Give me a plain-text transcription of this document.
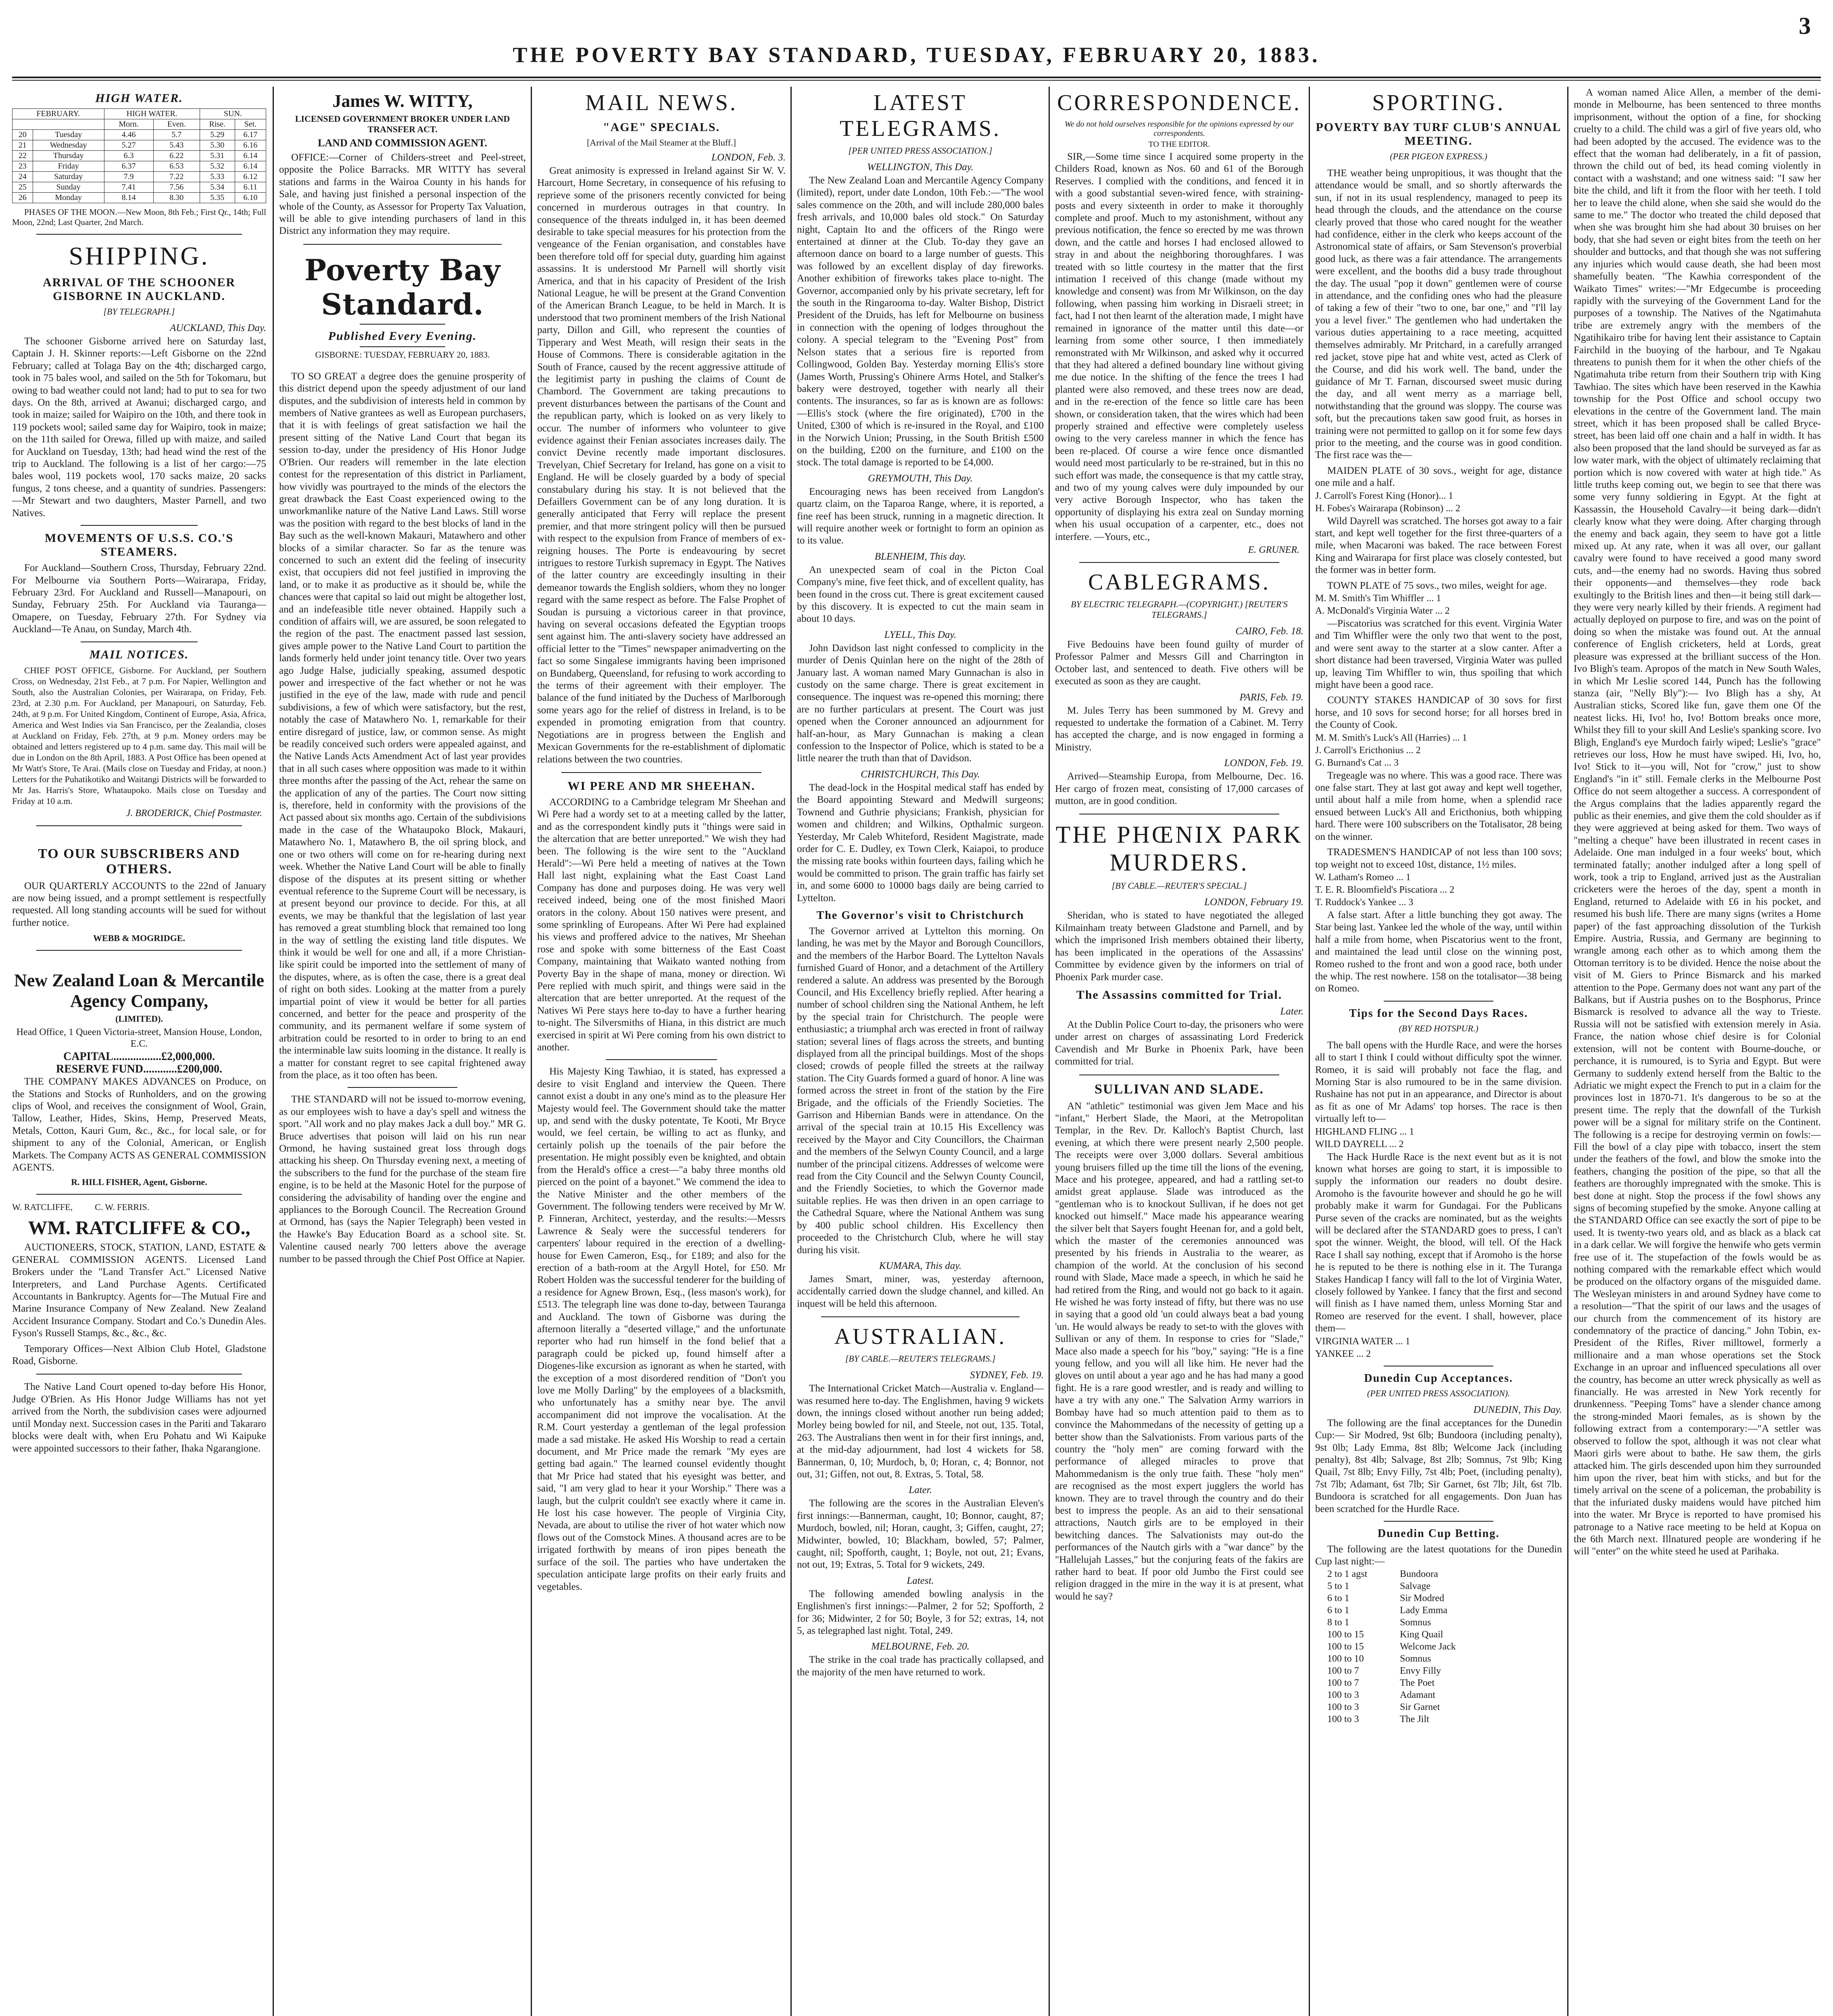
3
THE POVERTY BAY STANDARD, TUESDAY, FEBRUARY 20, 1883.
HIGH WATER.
FEBRUARY.		HIGH WATER.		SUN.	
		Morn.	Even.	Rise.	Set.
20	Tuesday	4.46	5.7	5.29	6.17
21	Wednesday	5.27	5.43	5.30	6.16
22	Thursday	6.3	6.22	5.31	6.14
23	Friday	6.37	6.53	5.32	6.14
24	Saturday	7.9	7.22	5.33	6.12
25	Sunday	7.41	7.56	5.34	6.11
26	Monday	8.14	8.30	5.35	6.10

PHASES OF THE MOON.—New Moon, 8th Feb.; First Qr., 14th; Full Moon, 22nd; Last Quarter, 2nd March.

SHIPPING.
ARRIVAL OF THE SCHOONER GISBORNE IN AUCKLAND.
[BY TELEGRAPH.]
AUCKLAND, This Day.

The schooner Gisborne arrived here on Saturday last, Captain J. H. Skinner reports:—Left Gisborne on the 22nd February; called at Tolaga Bay on the 4th; discharged cargo, took in 75 bales wool, and sailed on the 5th for Tokomaru, but owing to bad weather could not land; had to put to sea for two days. On the 8th, arrived at Awanui; discharged cargo, and took in maize; sailed for Waipiro on the 10th, and there took in 119 pockets wool; sailed same day for Waipiro, took in maize; on the 11th sailed for Orewa, filled up with maize, and sailed for Auckland on Tuesday, 13th; had head wind the rest of the trip to Auckland. The following is a list of her cargo:—75 bales wool, 119 pockets wool, 170 sacks maize, 20 sacks fungus, 2 tons cheese, and a quantity of sundries. Passengers:—Mr Stewart and two daughters, Master Parnell, and two Natives.

MOVEMENTS OF U.S.S. CO.'S STEAMERS.

For Auckland—Southern Cross, Thursday, February 22nd. For Melbourne via Southern Ports—Wairarapa, Friday, February 23rd. For Auckland and Russell—Manapouri, on Sunday, February 25th. For Auckland via Tauranga—Omapere, on Tuesday, February 27th. For Sydney via Auckland—Te Anau, on Sunday, March 4th.

MAIL NOTICES.

CHIEF POST OFFICE, Gisborne. For Auckland, per Southern Cross, on Wednesday, 21st Feb., at 7 p.m. For Napier, Wellington and South, also the Australian Colonies, per Wairarapa, on Friday, Feb. 23rd, at 2.30 p.m. For Auckland, per Manapouri, on Saturday, Feb. 24th, at 9 p.m. For United Kingdom, Continent of Europe, Asia, Africa, America and West Indies via San Francisco, per the Zealandia, closes at Auckland on Friday, Feb. 27th, at 9 p.m. Money orders may be obtained and letters registered up to 4 p.m. same day. This mail will be due in London on the 8th April, 1883. A Post Office has been opened at Mr Watt's Store, Te Arai. (Mails close on Tuesday and Friday, at noon.) Letters for the Puhatikotiko and Waitangi Districts will be forwarded to Mr Jas. Harris's Store, Whataupoko. Mails close on Tuesday and Friday at 10 a.m.

J. BRODERICK, Chief Postmaster.
TO OUR SUBSCRIBERS AND OTHERS.

OUR QUARTERLY ACCOUNTS to the 22nd of January are now being issued, and a prompt settlement is respectfully requested. All long standing accounts will be sued for without further notice.

WEBB & MOGRIDGE.
New Zealand Loan & Mercantile Agency Company,
(LIMITED).
Head Office, 1 Queen Victoria-street, Mansion House, London, E.C.
CAPITAL.................£2,000,000.
RESERVE FUND............£200,000.

THE COMPANY MAKES ADVANCES on Produce, on the Stations and Stocks of Runholders, and on the growing clips of Wool, and receives the consignment of Wool, Grain, Tallow, Leather, Hides, Skins, Hemp, Preserved Meats, Metals, Cotton, Kauri Gum, &c., &c., for local sale, or for shipment to any of the Colonial, American, or English Markets. The Company ACTS AS GENERAL COMMISSION AGENTS.

R. HILL FISHER, Agent, Gisborne.
W. RATCLIFFE,          C. W. FERRIS.
WM. RATCLIFFE & CO.,

AUCTIONEERS, STOCK, STATION, LAND, ESTATE & GENERAL COMMISSION AGENTS. Licensed Land Brokers under the "Land Transfer Act." Licensed Native Interpreters, and Land Purchase Agents. Certificated Accountants in Bankruptcy. Agents for—The Mutual Fire and Marine Insurance Company of New Zealand. New Zealand Accident Insurance Company. Stodart and Co.'s Dunedin Ales. Fyson's Russell Stamps, &c., &c., &c.

Temporary Offices—Next Albion Club Hotel, Gladstone Road, Gisborne.

The Native Land Court opened to-day before His Honor, Judge O'Brien. As His Honor Judge Williams has not yet arrived from the North, the subdivision cases were adjourned until Monday next. Succession cases in the Pariti and Takararo blocks were dealt with, when Eru Pohatu and Wi Kaipuke were appointed successors to their father, Ihaka Ngarangione.

James W. WITTY,
LICENSED GOVERNMENT BROKER UNDER LAND TRANSFER ACT.
LAND AND COMMISSION AGENT.

OFFICE:—Corner of Childers-street and Peel-street, opposite the Police Barracks. MR WITTY has several stations and farms in the Wairoa County in his hands for Sale, and having just finished a personal inspection of the whole of the County, as Assessor for Property Tax Valuation, will be able to give intending purchasers of land in this District any information they may require.

Poverty Bay Standard.
Published Every Evening.
GISBORNE: TUESDAY, FEBRUARY 20, 1883.

TO SO GREAT a degree does the genuine prosperity of this district depend upon the speedy adjustment of our land disputes, and the subdivision of interests held in common by members of Native grantees as well as European purchasers, that it is with feelings of great satisfaction we hail the present sitting of the Native Land Court that began its session to-day, under the presidency of His Honor Judge O'Brien. Our readers will remember in the late election contest for the representation of this district in Parliament, how vividly was pourtrayed to the minds of the electors the great drawback the East Coast experienced owing to the unworkmanlike nature of the Native Land Laws. Still worse was the position with regard to the best blocks of land in the Bay such as the well-known Makauri, Matawhero and other blocks of a similar character. So far as the tenure was concerned to such an extent did the feeling of insecurity exist, that occupiers did not feel justified in improving the land, or to make it as productive as it should be, while the chances were that capital so laid out might be altogether lost, and an indefeasible title never obtained. Happily such a condition of affairs will, we are assured, be soon relegated to the region of the past. The enactment passed last session, gives ample power to the Native Land Court to partition the lands formerly held under joint tenancy title. Over two years ago Judge Halse, judicially speaking, assumed despotic power and irrespective of the fact whether or not he was justified in the eye of the law, made with rude and pencil subdivisions, a few of which were satisfactory, but the rest, notably the case of Matawhero No. 1, remarkable for their entire disregard of justice, law, or common sense. As might be readily conceived such orders were appealed against, and the Native Lands Acts Amendment Act of last year provides that in all such cases where opposition was made to it within three months after the passing of the Act, rehear the same on the application of any of the parties. The Court now sitting is, therefore, held in conformity with the provisions of the Act passed about six months ago. Certain of the subdivisions made in the case of the Whataupoko Block, Makauri, Matawhero No. 1, Matawhero B, the oil spring block, and one or two others will come on for re-hearing during next week. Whether the Native Land Court will be able to finally dispose of the disputes at its present sitting or whether eventual reference to the Supreme Court will be necessary, is at present beyond our province to decide. For this, at all events, we may be thankful that the legislation of last year has removed a great stumbling block that remained too long in the way of settling the existing land title disputes. We think it would be well for one and all, if a more Christian-like spirit could be imported into the settlement of many of the disputes, where, as is often the case, there is a great deal of right on both sides. Looking at the matter from a purely impartial point of view it would be better for all parties concerned, and better for the peace and prosperity of the community, and its permanent welfare if some system of arbitration could be resorted to in order to bring to an end the interminable law suits looming in the distance. It really is a matter for constant regret to see capital frightened away from the place, as it too often has been.

THE STANDARD will not be issued to-morrow evening, as our employees wish to have a day's spell and witness the sport. "All work and no play makes Jack a dull boy." MR G. Bruce advertises that poison will laid on his run near Ormond, he having sustained great loss through dogs attacking his sheep. On Thursday evening next, a meeting of the subscribers to the fund for the purchase of the steam fire engine, is to be held at the Masonic Hotel for the purpose of considering the advisability of handing over the engine and appliances to the Borough Council. The Recreation Ground at Ormond, has (says the Napier Telegraph) been vested in the Hawke's Bay Education Board as a school site. St. Valentine caused nearly 700 letters above the average number to be passed through the Chief Post Office at Napier.

MAIL NEWS.
"AGE" SPECIALS.
[Arrival of the Mail Steamer at the Bluff.]
LONDON, Feb. 3.

Great animosity is expressed in Ireland against Sir W. V. Harcourt, Home Secretary, in consequence of his refusing to reprieve some of the prisoners recently convicted for being concerned in murderous outrages in that country. In consequence of the threats indulged in, it has been deemed desirable to take special measures for his protection from the vengeance of the Fenian organisation, and constables have been therefore told off for special duty, guarding him against assassins. It is understood Mr Parnell will shortly visit America, and that in his capacity of President of the Irish National League, he will be present at the Grand Convention of the American Branch League, to be held in March. It is understood that two prominent members of the Irish National party, Dillon and Gill, who represent the counties of Tipperary and West Meath, will resign their seats in the House of Commons. There is considerable agitation in the South of France, caused by the recent aggressive attitude of the legitimist party in pushing the claims of Count de Chambord. The Government are taking precautions to prevent disturbances between the partisans of the Count and the republican party, which is looked on as very likely to occur. The number of informers who volunteer to give evidence against their Fenian associates increases daily. The convict Devine recently made important disclosures. Trevelyan, Chief Secretary for Ireland, has gone on a visit to England. He will be closely guarded by a body of special constabulary during his stay. It is not believed that the Defaillers Government can be of any long duration. It is generally anticipated that Ferry will replace the present premier, and that more stringent policy will then be pursued with respect to the expulsion from France of members of ex-reigning houses. The Porte is endeavouring by secret intrigues to restore Turkish supremacy in Egypt. The Natives of the latter country are exceedingly insulting in their demeanor towards the English soldiers, whom they no longer regard with the same respect as before. The False Prophet of Soudan is pursuing a victorious career in that province, having on several occasions defeated the Egyptian troops sent against him. The anti-slavery society have addressed an official letter to the "Times" newspaper animadverting on the fact so some Singalese immigrants having been imprisoned on Bundaberg, Queensland, for refusing to work according to the terms of their agreement with their employer. The balance of the fund initiated by the Duchess of Marlborough some years ago for the relief of distress in Ireland, is to be expended in promoting emigration from that country. Negotiations are in progress between the English and Mexican Governments for the re-establishment of diplomatic relations between the two countries.

WI PERE AND MR SHEEHAN.

ACCORDING to a Cambridge telegram Mr Sheehan and Wi Pere had a wordy set to at a meeting called by the latter, and as the correspondent kindly puts it "things were said in the altercation that are better unreported." We wish they had been. The following is the wire sent to the "Auckland Herald":—Wi Pere held a meeting of natives at the Town Hall last night, explaining what the East Coast Land Company has done and purposes doing. He was very well received indeed, being one of the most finished Maori orators in the colony. About 150 natives were present, and some sprinkling of Europeans. After Wi Pere had explained his views and proffered advice to the natives, Mr Sheehan rose and spoke with some bitterness of the East Coast Company, maintaining that Waikato wanted nothing from Poverty Bay in the shape of mana, money or direction. Wi Pere replied with much spirit, and things were said in the altercation that are better unreported. At the request of the Natives Wi Pere stays here to-day to have a further hearing to-night. The Silversmiths of Hiana, in this district are much exercised in spirit at Wi Pere coming from his own district to another.

His Majesty King Tawhiao, it is stated, has expressed a desire to visit England and interview the Queen. There cannot exist a doubt in any one's mind as to the pleasure Her Majesty would feel. The Government should take the matter up, and send with the dusky potentate, Te Kooti, Mr Bryce would, we feel certain, be willing to act as flunky, and certainly polish up the toenails of the pair before the presentation. He might possibly even be knighted, and obtain from the Herald's office a crest—"a baby three months old pierced on the point of a bayonet." We commend the idea to the Native Minister and the other members of the Government. The following tenders were received by Mr W. P. Finneran, Architect, yesterday, and the results:—Messrs Lawrence & Sealy were the successful tenderers for carpenters' labour required in the erection of a dwelling-house for Ewen Cameron, Esq., for £189; and also for the erection of a bath-room at the Argyll Hotel, for £50. Mr Robert Holden was the successful tenderer for the building of a residence for Agnew Brown, Esq., (less mason's work), for £513. The telegraph line was done to-day, between Tauranga and Auckland. The town of Gisborne was during the afternoon literally a "deserted village," and the unfortunate reporter who had run himself in the fond belief that a paragraph could be picked up, found himself after a Diogenes-like excursion as ignorant as when he started, with the exception of a most disordered rendition of "Don't you love me Molly Darling" by the employees of a blacksmith, who unfortunately has a smithy near bye. The anvil accompaniment did not improve the vocalisation. At the R.M. Court yesterday a gentleman of the legal profession made a sad mistake. He asked His Worship to read a certain document, and Mr Price made the remark "My eyes are getting bad again." The learned counsel evidently thought that Mr Price had stated that his eyesight was better, and said, "I am very glad to hear it your Worship." There was a laugh, but the culprit couldn't see exactly where it came in. He lost his case however. The people of Virginia City, Nevada, are about to utilise the river of hot water which now flows out of the Comstock Mines. A thousand acres are to be irrigated forthwith by means of iron pipes beneath the surface of the soil. The parties who have undertaken the speculation anticipate large profits on their early fruits and vegetables.

LATEST TELEGRAMS.
[PER UNITED PRESS ASSOCIATION.]
WELLINGTON, This Day.

The New Zealand Loan and Mercantile Agency Company (limited), report, under date London, 10th Feb.:—"The wool sales commence on the 20th, and will include 280,000 bales fresh arrivals, and 10,000 bales old stock." On Saturday night, Captain Ito and the officers of the Ringo were entertained at dinner at the Club. To-day they gave an afternoon dance on board to a large number of guests. This was followed by an excellent display of day fireworks. Another exhibition of fireworks takes place to-night. The Governor, accompanied only by his private secretary, left for the south in the Ringarooma to-day. Walter Bishop, District President of the Druids, has left for Melbourne on business in connection with the opening of lodges throughout the colony. A special telegram to the "Evening Post" from Nelson states that a serious fire is reported from Collingwood, Golden Bay. Yesterday morning Ellis's store (James Worth, Prussing's Ohinere Arms Hotel, and Stalker's bakery were destroyed, together with nearly all their contents. The insurances, so far as is known are as follows:—Ellis's stock (where the fire originated), £700 in the United, £300 of which is re-insured in the Royal, and £100 in the Norwich Union; Prussing, in the South British £500 on the building, £200 on the furniture, and £100 on the stock. The total damage is reported to be £4,000.

GREYMOUTH, This Day.

Encouraging news has been received from Langdon's quartz claim, on the Taparoa Range, where, it is reported, a fine reef has been struck, running in a magnetic direction. It will require another week or fortnight to form an opinion as to its value.

BLENHEIM, This day.

An unexpected seam of coal in the Picton Coal Company's mine, five feet thick, and of excellent quality, has been found in the cross cut. There is great excitement caused by this discovery. It is expected to cut the main seam in about 10 days.

LYELL, This Day.

John Davidson last night confessed to complicity in the murder of Denis Quinlan here on the night of the 28th of January last. A woman named Mary Gunnachan is also in custody on the same charge. There is great excitement in consequence. The inquest was re-opened this morning; there are no further particulars at present. The Court was just opened when the Coroner announced an adjournment for half-an-hour, as Mary Gunnachan is making a clean confession to the Inspector of Police, which is stated to be a little nearer the truth than that of Davidson.

CHRISTCHURCH, This Day.

The dead-lock in the Hospital medical staff has ended by the Board appointing Steward and Medwill surgeons; Townend and Guthrie physicians; Frankish, physician for women and children; and Wilkins, Opthalmic surgeon. Yesterday, Mr Caleb Whiteford, Resident Magistrate, made order for C. E. Dudley, ex Town Clerk, Kaiapoi, to produce the missing rate books within fourteen days, failing which he would be committed to prison. The grain traffic has fairly set in, and some 6000 to 10000 bags daily are being carried to Lyttelton.

The Governor's visit to Christchurch

The Governor arrived at Lyttelton this morning. On landing, he was met by the Mayor and Borough Councillors, and the members of the Harbor Board. The Lyttelton Navals furnished Guard of Honor, and a detachment of the Artillery rendered a salute. An address was presented by the Borough Council, and His Excellency briefly replied. After hearing a number of school children sing the National Anthem, he left by the special train for Christchurch. The people were enthusiastic; a triumphal arch was erected in front of railway station; several lines of flags across the streets, and bunting displayed from all the principal buildings. Most of the shops closed; crowds of people filled the streets at the railway station. The City Guards formed a guard of honor. A line was formed across the street in front of the station by the Fire Brigade, and the officials of the Friendly Societies. The Garrison and Hibernian Bands were in attendance. On the arrival of the special train at 10.15 His Excellency was received by the Mayor and City Councillors, the Chairman and the members of the Selwyn County Council, and a large number of the principal citizens. Addresses of welcome were read from the City Council and the Selwyn County Council, and the Friendly Societies, to which the Governor made suitable replies. He was then driven in an open carriage to the Cathedral Square, where the National Anthem was sung by 400 public school children. His Excellency then proceeded to the Christchurch Club, where he will stay during his visit.

KUMARA, This day.

James Smart, miner, was, yesterday afternoon, accidentally carried down the sludge channel, and killed. An inquest will be held this afternoon.

AUSTRALIAN.
[BY CABLE.—REUTER'S TELEGRAMS.]
SYDNEY, Feb. 19.

The International Cricket Match—Australia v. England—was resumed here to-day. The Englishmen, having 9 wickets down, the innings closed without another run being added; Morley being bowled for nil, and Steele, not out, 135. Total, 263. The Australians then went in for their first innings, and, at the mid-day adjournment, had lost 4 wickets for 58. Bannerman, 0, 10; Murdoch, b, 0; Horan, c, 4; Bonnor, not out, 31; Giffen, not out, 8. Extras, 5. Total, 58.

Later.

The following are the scores in the Australian Eleven's first innings:—Bannerman, caught, 10; Bonnor, caught, 87; Murdoch, bowled, nil; Horan, caught, 3; Giffen, caught, 27; Midwinter, bowled, 10; Blackham, bowled, 57; Palmer, caught, nil; Spofforth, caught, 1; Boyle, not out, 21; Evans, not out, 19; Extras, 5. Total for 9 wickets, 249.

Latest.

The following amended bowling analysis in the Englishmen's first innings:—Palmer, 2 for 52; Spofforth, 2 for 36; Midwinter, 2 for 50; Boyle, 3 for 52; extras, 14, not 5, as telegraphed last night. Total, 249.

MELBOURNE, Feb. 20.

The strike in the coal trade has practically collapsed, and the majority of the men have returned to work.

CORRESPONDENCE.
We do not hold ourselves responsible for the opinions expressed by our correspondents.
TO THE EDITOR.

SIR,—Some time since I acquired some property in the Childers Road, known as Nos. 60 and 61 of the Borough Reserves. I complied with the conditions, and fenced it in with a good substantial seven-wired fence, with straining-posts and every sixteenth in order to make it thoroughly complete and proof. Much to my astonishment, without any previous notification, the fence so erected by me was thrown down, and the cattle and horses I had enclosed allowed to stray in and about the neighboring thoroughfares. I was treated with so little courtesy in the matter that the first intimation I received of this change (made without my knowledge and consent) was from Mr Wilkinson, on the day following, when passing him working in Disraeli street; in fact, had I not then learnt of the alteration made, I might have remained in ignorance of the matter until this date—or learning from some other source, I then immediately remonstrated with Mr Wilkinson, and asked why it occurred that they had altered a defined boundary line without giving me due notice. In the shifting of the fence the trees I had planted were also removed, and these trees now are dead, and in the re-erection of the fence so little care has been shown, or consideration taken, that the wires which had been properly strained and effective were completely useless owing to the very careless manner in which the fence has been re-placed. Of course a wire fence once dismantled would need most particularly to be re-strained, but in this no such effort was made, the consequence is that my cattle stray, and two of my young calves were duly impounded by our very active Borough Inspector, who has taken the opportunity of displaying his extra zeal on Sunday morning when his usual occupation of a carpenter, etc., does not interfere. —Yours, etc.,

E. GRUNER.
CABLEGRAMS.
BY ELECTRIC TELEGRAPH.—(COPYRIGHT.) [REUTER'S TELEGRAMS.]
CAIRO, Feb. 18.

Five Bedouins have been found guilty of murder of Professor Palmer and Messrs Gill and Charrington in October last, and sentenced to death. Five others will be executed as soon as they are caught.

PARIS, Feb. 19.

M. Jules Terry has been summoned by M. Grevy and requested to undertake the formation of a Cabinet. M. Terry has accepted the charge, and is now engaged in forming a Ministry.

LONDON, Feb. 19.

Arrived—Steamship Europa, from Melbourne, Dec. 16. Her cargo of frozen meat, consisting of 17,000 carcases of mutton, are in good condition.

THE PHŒNIX PARK MURDERS.
[BY CABLE.—REUTER'S SPECIAL.]
LONDON, February 19.

Sheridan, who is stated to have negotiated the alleged Kilmainham treaty between Gladstone and Parnell, and by which the imprisoned Irish members obtained their liberty, has been implicated in the operations of the Assassins' Committee by evidence given by the informers on trial of Phoenix Park murder case.

The Assassins committed for Trial.
Later.

At the Dublin Police Court to-day, the prisoners who were under arrest on charges of assassinating Lord Frederick Cavendish and Mr Burke in Phoenix Park, have been committed for trial.

SULLIVAN AND SLADE.

AN "athletic" testimonial was given Jem Mace and his "infant," Herbert Slade, the Maori, at the Metropolitan Templar, in the Rev. Dr. Kalloch's Baptist Church, last evening, at which there were present nearly 2,500 people. The receipts were over 3,000 dollars. Several ambitious young bruisers filled up the time till the lions of the evening, Mace and his protegee, appeared, and had a rattling set-to amidst great applause. Slade was introduced as the "gentleman who is to knockout Sullivan, if he does not get knocked out himself." Mace made his appearance wearing the silver belt that Sayers fought Heenan for, and a gold belt, which the master of the ceremonies announced was presented by his friends in Australia to the wearer, as champion of the world. At the conclusion of his second round with Slade, Mace made a speech, in which he said he had retired from the Ring, and would not go back to it again. He wished he was forty instead of fifty, but there was no use in saying that a good old 'un could always beat a bad young 'un. He would always be ready to set-to with the gloves with Sullivan or any of them. In response to cries for "Slade," Mace also made a speech for his "boy," saying: "He is a fine young fellow, and you will all like him. He never had the gloves on until about a year ago and he has had many a good fight. He is a rare good wrestler, and is ready and willing to have a try with any one." The Salvation Army warriors in Bombay have had so much attention paid to them as to convince the Mahommedans of the necessity of getting up a better show than the Salvationists. From various parts of the country the "holy men" are coming forward with the performance of alleged miracles to prove that Mahommedanism is the only true faith. These "holy men" are recognised as the most expert jugglers the world has known. They are to travel through the country and do their best to impress the people. As an aid to their sensational attractions, Nautch girls are to be employed in their bewitching dances. The Salvationists may out-do the performances of the Nautch girls with a "war dance" by the "Hallelujah Lasses," but the conjuring feats of the fakirs are rather hard to beat. If poor old Jumbo the First could see religion dragged in the mire in the way it is at present, what would he say?

SPORTING.
POVERTY BAY TURF CLUB'S ANNUAL MEETING.
(PER PIGEON EXPRESS.)

THE weather being unpropitious, it was thought that the attendance would be small, and so shortly afterwards the sun, if not in its usual resplendency, managed to peep its head through the clouds, and the attendance on the course clearly proved that those who cared nought for the weather had confidence, either in the clerk who keeps account of the Astronomical state of affairs, or Sam Stevenson's proverbial good luck, as there was a fair attendance. The arrangements were excellent, and the booths did a busy trade throughout the day. The usual "pop it down" gentlemen were of course in attendance, and the confiding ones who had the pleasure of taking a few of their "two to one, bar one," and "I'll lay you a level fiver." The gentlemen who had undertaken the various duties appertaining to a race meeting, acquitted themselves admirably. Mr Pritchard, in a carefully arranged red jacket, stove pipe hat and white vest, acted as Clerk of the Course, and did his work well. The band, under the guidance of Mr T. Farnan, discoursed sweet music during the day, and all went merry as a marriage bell, notwithstanding that the ground was sloppy. The course was soft, but the precautions taken saw good fruit, as horses in training were not permitted to gallop on it for some few days prior to the meeting, and the course was in good condition. The first race was the—

MAIDEN PLATE of 30 sovs., weight for age, distance one mile and a half.

J. Carroll's Forest King (Honor)... 1
H. Fobes's Wairarapa (Robinson) ... 2

Wild Dayrell was scratched. The horses got away to a fair start, and kept well together for the first three-quarters of a mile, when Macaroni was baked. The race between Forest King and Wairarapa for first place was closely contested, but the former was in better form.

TOWN PLATE of 75 sovs., two miles, weight for age.

M. M. Smith's Tim Whiffler ... 1
A. McDonald's Virginia Water ... 2

—Piscatorius was scratched for this event. Virginia Water and Tim Whiffler were the only two that went to the post, and were sent away to the starter at a slow canter. After a short distance had been traversed, Virginia Water was pulled up, leaving Tim Whiffler to win, thus spoiling that which might have been a good race.

COUNTY STAKES HANDICAP of 30 sovs for first horse, and 10 sovs for second horse; for all horses bred in the County of Cook.

M. M. Smith's Luck's All (Harries) ... 1
J. Carroll's Ericthonius ... 2
G. Burnand's Cat ... 3

Tregeagle was no where. This was a good race. There was one false start. They at last got away and kept well together, until about half a mile from home, when a splendid race ensued between Luck's All and Ericthonius, both whipping hard. There were 100 subscribers on the Totalisator, 28 being on the winner.

TRADESMEN'S HANDICAP of not less than 100 sovs; top weight not to exceed 10st, distance, 1½ miles.

W. Latham's Romeo ... 1
T. E. R. Bloomfield's Piscatiora ... 2
T. Ruddock's Yankee ... 3

A false start. After a little bunching they got away. The Star being last. Yankee led the whole of the way, until within half a mile from home, when Piscatorius went to the front, and maintained the lead until close on the winning post, Romeo rushed to the front and won a good race, both under the whip. The rest nowhere. 158 on the totalisator—38 being on Romeo.

Tips for the Second Days Races.
(BY RED HOTSPUR.)

The ball opens with the Hurdle Race, and were the horses all to start I think I could without difficulty spot the winner. Romeo, it is said will probably not face the flag, and Morning Star is also rumoured to be in the same division. Rushaine has not put in an appearance, and Director is about as fit as one of Mr Adams' top horses. The race is then virtually left to—

HIGHLAND FLING ... 1
WILD DAYRELL ... 2

The Hack Hurdle Race is the next event but as it is not known what horses are going to start, it is impossible to supply the information our readers no doubt desire. Aromoho is the favourite however and should he go he will probably make it warm for Gundagai. For the Publicans Purse seven of the cracks are nominated, but as the weights will be declared after the STANDARD goes to press, I can't spot the winner. Weight, the blood, will tell. Of the Hack Race I shall say nothing, except that if Aromoho is the horse he is reputed to be there is nothing else in it. The Turanga Stakes Handicap I fancy will fall to the lot of Virginia Water, closely followed by Yankee. I fancy that the first and second will finish as I have named them, unless Morning Star and Romeo are reserved for the event. I shall, however, place them—

VIRGINIA WATER ... 1
YANKEE ... 2
Dunedin Cup Acceptances.
(PER UNITED PRESS ASSOCIATION).
DUNEDIN, This Day.

The following are the final acceptances for the Dunedin Cup:— Sir Modred, 9st 6lb; Bundoora (including penalty), 9st 0lb; Lady Emma, 8st 8lb; Welcome Jack (including penalty), 8st 4lb; Salvage, 8st 2lb; Somnus, 7st 9lb; King Quail, 7st 8lb; Envy Filly, 7st 4lb; Poet, (including penalty), 7st 7lb; Adamant, 6st 7lb; Sir Garnet, 6st 7lb; Jilt, 6st 7lb. Bundoora is scratched for all engagements. Don Juan has been scratched for the Hurdle Race.

Dunedin Cup Betting.

The following are the latest quotations for the Dunedin Cup last night:—

2 to 1 agst	Bundoora
5 to 1	Salvage
6 to 1	Sir Modred
6 to 1	Lady Emma
8 to 1	Somnus
100 to 15	King Quail
100 to 15	Welcome Jack
100 to 10	Somnus
100 to 7	Envy Filly
100 to 7	The Poet
100 to 3	Adamant
100 to 3	Sir Garnet
100 to 3	The Jilt

A woman named Alice Allen, a member of the demi-monde in Melbourne, has been sentenced to three months imprisonment, without the option of a fine, for shocking cruelty to a child. The child was a girl of five years old, who had been adopted by the accused. The evidence was to the effect that the woman had deliberately, in a fit of passion, thrown the child out of bed, its head coming violently in contact with a washstand; and one witness said: "I saw her bite the child, and lift it from the floor with her teeth. I told her to leave the child alone, when she said she would do the same to me." The doctor who treated the child deposed that when she was brought him she had about 30 bruises on her body, that she had seven or eight bites from the teeth on her shoulder and buttocks, and that though she was not suffering any injuries which would cause death, she had been most shamefully beaten. "The Kawhia correspondent of the Waikato Times" writes:—"Mr Edgecumbe is proceeding rapidly with the surveying of the Government Land for the purposes of a township. The Natives of the Ngatimahuta tribe are extremely angry with the members of the Ngatihikairo tribe for having lent their assistance to Captain Fairchild in the buoying of the harbour, and Te Ngakau threatens to punish them for it when the other chiefs of the Ngatimahuta tribe return from their Southern trip with King Tawhiao. The sites which have been reserved in the Kawhia township for the Post Office and school occupy two elevations in the centre of the Government land. The main street, which it has been proposed shall be called Bryce-street, has been laid off one chain and a half in width. It has also been proposed that the land should be surveyed as far as low water mark, with the object of ultimately reclaiming that portion which is now covered with water at high tide." As little truths keep coming out, we begin to see that there was some very funny soldiering in Egypt. At the fight at Kassassin, the Household Cavalry—it being dark—didn't clearly know what they were doing. After charging through the enemy and back again, they seem to have got a little mixed up. At any rate, when it was all over, our gallant cavalry were found to have received a good many sword cuts, and—the enemy had no swords. Having thus sobred their opponents—and themselves—they rode back exultingly to the British lines and then—it being still dark—they were very nearly killed by their friends. A regiment had actually deployed on purpose to fire, and was on the point of doing so when the mistake was found out. At the annual conference of English cricketers, held at Lords, great pleasure was expressed at the brilliant success of the Hon. Ivo Bligh's team. Apropos of the match in New South Wales, in which Mr Leslie scored 144, Punch has the following stanza (air, "Nelly Bly"):— Ivo Bligh has a shy, At Australian sticks, Scored like fun, gave them one Of the neatest licks. Hi, Ivo! ho, Ivo! Bottom breaks once more, Whilst they fill to your skill And Leslie's spanking score. Ivo Bligh, England's eye Murdoch fairly wiped; Leslie's "grace" retrieves our loss, How he must have swiped. Hi, Ivo, ho, Ivo! Stick to it—you will, Not for "crow," just to show England's "in it" still. Female clerks in the Melbourne Post Office do not seem altogether a success. A correspondent of the Argus complains that the ladies apparently regard the public as their enemies, and give them the cold shoulder as if they were aggrieved at being asked for them. Two ways of "melting a cheque" have been illustrated in recent cases in Adelaide. One man indulged in a four weeks' bout, which terminated fatally; another indulged after a long spell of work, took a trip to England, arrived just as the Australian cricketers were the heroes of the day, spent a month in England, returned to Adelaide with £6 in his pocket, and resumed his bush life. There are many signs (writes a Home paper) of the fast approaching dissolution of the Turkish Empire. Austria, Russia, and Germany are beginning to wrangle among each other as to which among them the Ottoman territory is to be divided. Hence the noise about the visit of M. Giers to Prince Bismarck and his marked attention to the Pope. Germany does not want any part of the Balkans, but if Austria pushes on to the Bosphorus, Prince Bismarck is resolved to advance all the way to Trieste. Russia will not be satisfied with extension merely in Asia. France, the nation whose chief desire is for Colonial extension, will not be content with Bourne-douche, or perchance, it is rumoured, is to Syria and Egypt. But were Germany to suddenly extend herself from the Baltic to the Adriatic we might expect the French to put in a claim for the provinces lost in 1870-71. It's dangerous to be so at the present time. The reply that the downfall of the Turkish power will be a signal for military strife on the Continent. The following is a recipe for destroying vermin on fowls:—Fill the bowl of a clay pipe with tobacco, insert the stem under the feathers of the fowl, and blow the smoke into the feathers, changing the position of the pipe, so that all the feathers are thoroughly impregnated with the smoke. This is best done at night. Stop the process if the fowl shows any signs of becoming stupefied by the smoke. Anyone calling at the STANDARD Office can see exactly the sort of pipe to be used. It is twenty-two years old, and as black as a black cat in a dark cellar. We will forgive the henwife who gets vermin free use of it. The stupefaction of the fowls would be as nothing compared with the remarkable effect which would be produced on the olfactory organs of the misguided dame. The Wesleyan ministers in and around Sydney have come to a resolution—"That the spirit of our laws and the usages of our church from the commencement of its history are condemnatory of the practice of dancing." John Tobin, ex-President of the Rifles, River milltowel, formerly a millionaire and a man whose operations set the Stock Exchange in an uproar and influenced speculations all over the country, has become an utter wreck physically as well as financially. He was arrested in New York recently for drunkenness. "Peeping Toms" have a slender chance among the strong-minded Maori females, as is shown by the following extract from a contemporary:—"A settler was observed to follow the spot, although it was not clear what Maori girls were about to bathe. He saw them, the girls attacked him. The girls descended upon him they surrounded him upon the river, beat him with sticks, and but for the timely arrival on the scene of a policeman, the probability is that the infuriated dusky maidens would have pitched him into the water. Mr Bryce is reported to have promised his patronage to a Native race meeting to be held at Kopua on the 6th March next. Illnatured people are wondering if he will "enter" on the white steed he used at Parihaka.
